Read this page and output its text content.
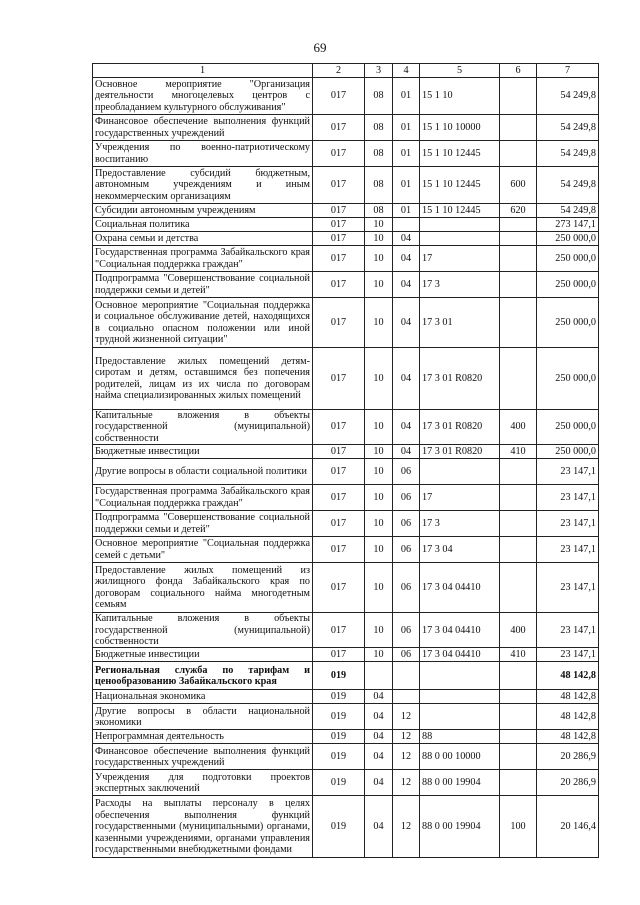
69
1	2	3	4	5	6	7
Основное мероприятие "Организация деятельности многоцелевых центров с преобладанием культурного обслуживания"	017	08	01	15 1 10		54 249,8
Финансовое обеспечение выполнения функций государственных учреждений	017	08	01	15 1 10 10000		54 249,8
Учреждения по военно-патриотическому воспитанию	017	08	01	15 1 10 12445		54 249,8
Предоставление субсидий бюджетным, автономным учреждениям и иным некоммерческим организациям	017	08	01	15 1 10 12445	600	54 249,8
Субсидии автономным учреждениям	017	08	01	15 1 10 12445	620	54 249,8
Социальная политика	017	10				273 147,1
Охрана семьи и детства	017	10	04			250 000,0
Государственная программа Забайкальского края "Социальная поддержка граждан"	017	10	04	17		250 000,0
Подпрограмма "Совершенствование социальной поддержки семьи и детей"	017	10	04	17 3		250 000,0
Основное мероприятие "Социальная поддержка и социальное обслуживание детей, находящихся в социально опасном положении или иной трудной жизненной ситуации"	017	10	04	17 3 01		250 000,0
Предоставление жилых помещений детям-сиротам и детям, оставшимся без попечения родителей, лицам из их числа по договорам найма специализированных жилых помещений	017	10	04	17 3 01 R0820		250 000,0
Капитальные вложения в объекты государственной (муниципальной) собственности	017	10	04	17 3 01 R0820	400	250 000,0
Бюджетные инвестиции	017	10	04	17 3 01 R0820	410	250 000,0
Другие вопросы в области социальной политики	017	10	06			23 147,1
Государственная программа Забайкальского края "Социальная поддержка граждан"	017	10	06	17		23 147,1
Подпрограмма "Совершенствование социальной поддержки семьи и детей"	017	10	06	17 3		23 147,1
Основное мероприятие "Социальная поддержка семей с детьми"	017	10	06	17 3 04		23 147,1
Предоставление жилых помещений из жилищного фонда Забайкальского края по договорам социального найма многодетным семьям	017	10	06	17 3 04 04410		23 147,1
Капитальные вложения в объекты государственной (муниципальной) собственности	017	10	06	17 3 04 04410	400	23 147,1
Бюджетные инвестиции	017	10	06	17 3 04 04410	410	23 147,1
Региональная служба по тарифам и ценообразованию Забайкальского края	019					48 142,8
Национальная экономика	019	04				48 142,8
Другие вопросы в области национальной экономики	019	04	12			48 142,8
Непрограммная деятельность	019	04	12	88		48 142,8
Финансовое обеспечение выполнения функций государственных учреждений	019	04	12	88 0 00 10000		20 286,9
Учреждения для подготовки проектов экспертных заключений	019	04	12	88 0 00 19904		20 286,9
Расходы на выплаты персоналу в целях обеспечения выполнения функций государственными (муниципальными) органами, казенными учреждениями, органами управления государственными внебюджетными фондами	019	04	12	88 0 00 19904	100	20 146,4
